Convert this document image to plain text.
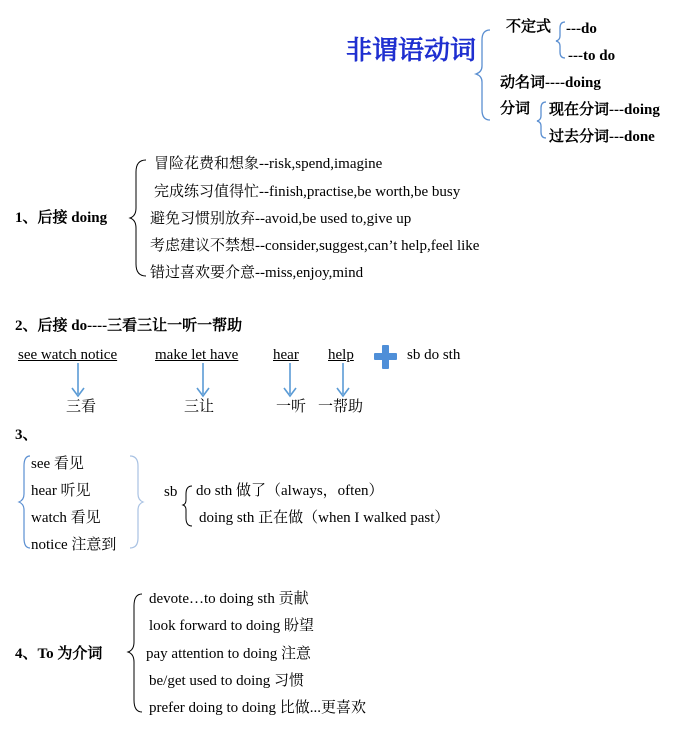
非谓语动词
不定式 ---do
---to do
动名词----doing
分词 现在分词---doing
过去分词---done
1、后接 doing
冒险花费和想象--risk,spend,imagine
完成练习值得忙--finish,practise,be worth,be busy
避免习惯别放弃--avoid,be used to,give up
考虑建议不禁想--consider,suggest,can’t help,feel like
错过喜欢要介意--miss,enjoy,mind
2、后接 do----三看三让一听一帮助
see watch notice	make let have hear help	sb do sth
三看	三让	一听 一帮助
3、
see 看见
hear 听见
watch 看见
notice 注意到
sb do sth 做了（always，often）
doing sth 正在做（when I walked past）
4、To 为介词
devote…to doing sth 贡献
look forward to doing 盼望
pay attention to doing 注意
be/get used to doing 习惯
prefer doing to doing 比做...更喜欢
